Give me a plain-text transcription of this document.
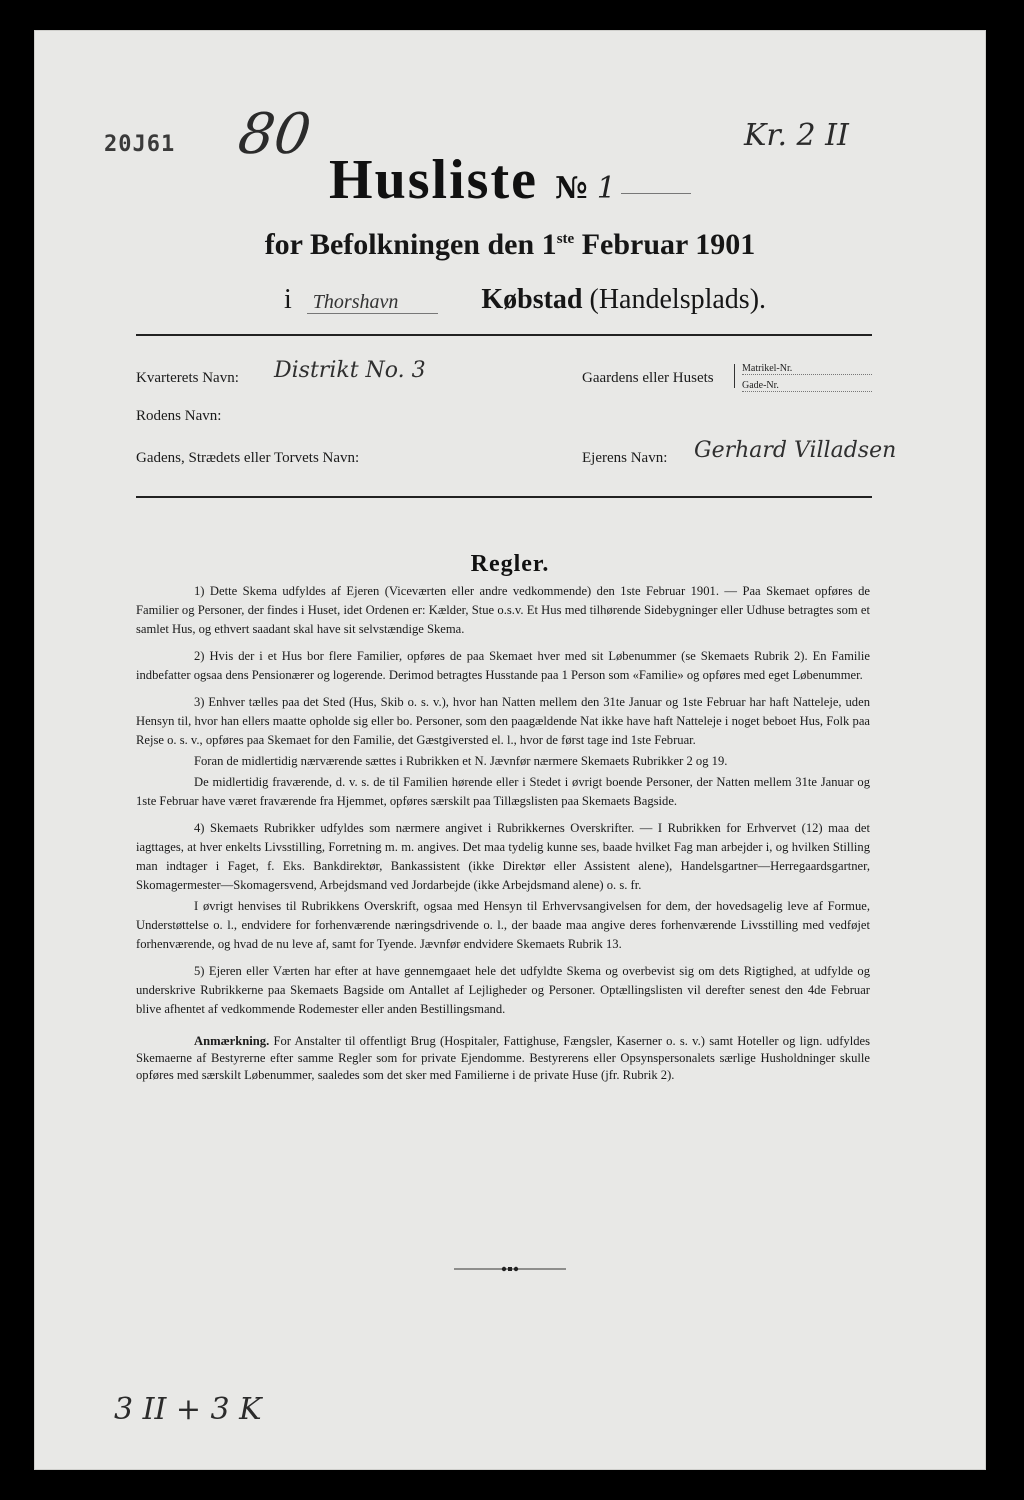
20J61 80	Kr. 2 II
Husliste № 1
for Befolkningen den 1ste Februar 1901
i Thorshavn	Købstad (Handelsplads).
Kvarterets Navn: Distrikt No. 3	Gaardens eller Husets
Matrikel-Nr.
Gade-Nr.
Rodens Navn:
Gadens, Strædets eller Torvets Navn:	Ejerens Navn: Gerhard Villadsen
Regler.

1) Dette Skema udfyldes af Ejeren (Viceværten eller andre vedkommende) den 1ste Februar 1901. — Paa Skemaet opføres de Familier og Personer, der findes i Huset, idet Ordenen er: Kælder, Stue o.s.v. Et Hus med tilhørende Sidebygninger eller Udhuse betragtes som et samlet Hus, og ethvert saadant skal have sit selvstændige Skema.

2) Hvis der i et Hus bor flere Familier, opføres de paa Skemaet hver med sit Løbenummer (se Skemaets Rubrik 2). En Familie indbefatter ogsaa dens Pensionærer og logerende. Derimod betragtes Husstande paa 1 Person som «Familie» og opføres med eget Løbenummer.

3) Enhver tælles paa det Sted (Hus, Skib o. s. v.), hvor han Natten mellem den 31te Januar og 1ste Februar har haft Natteleje, uden Hensyn til, hvor han ellers maatte opholde sig eller bo. Personer, som den paagældende Nat ikke have haft Natteleje i noget beboet Hus, Folk paa Rejse o. s. v., opføres paa Skemaet for den Familie, det Gæstgiversted el. l., hvor de først tage ind 1ste Februar.

Foran de midlertidig nærværende sættes i Rubrikken et N. Jævnfør nærmere Skemaets Rubrikker 2 og 19.

De midlertidig fraværende, d. v. s. de til Familien hørende eller i Stedet i øvrigt boende Personer, der Natten mellem 31te Januar og 1ste Februar have været fraværende fra Hjemmet, opføres særskilt paa Tillægslisten paa Skemaets Bagside.

4) Skemaets Rubrikker udfyldes som nærmere angivet i Rubrikkernes Overskrifter. — I Rubrikken for Erhvervet (12) maa det iagttages, at hver enkelts Livsstilling, Forretning m. m. angives. Det maa tydelig kunne ses, baade hvilket Fag man arbejder i, og hvilken Stilling man indtager i Faget, f. Eks. Bankdirektør, Bankassistent (ikke Direktør eller Assistent alene), Handelsgartner—Herregaardsgartner, Skomagermester—Skomagersvend, Arbejdsmand ved Jordarbejde (ikke Arbejdsmand alene) o. s. fr.

I øvrigt henvises til Rubrikkens Overskrift, ogsaa med Hensyn til Erhvervsangivelsen for dem, der hovedsagelig leve af Formue, Understøttelse o. l., endvidere for forhenværende næringsdrivende o. l., der baade maa angive deres forhenværende Livsstilling med vedføjet forhenværende, og hvad de nu leve af, samt for Tyende. Jævnfør endvidere Skemaets Rubrik 13.

5) Ejeren eller Værten har efter at have gennemgaaet hele det udfyldte Skema og overbevist sig om dets Rigtighed, at udfylde og underskrive Rubrikkerne paa Skemaets Bagside om Antallet af Lejligheder og Personer. Optællingslisten vil derefter senest den 4de Februar blive afhentet af vedkommende Rodemester eller anden Bestillingsmand.

Anmærkning. For Anstalter til offentligt Brug (Hospitaler, Fattighuse, Fængsler, Kaserner o. s. v.) samt Hoteller og lign. udfyldes Skemaerne af Bestyrerne efter samme Regler som for private Ejendomme. Bestyrerens eller Opsynspersonalets særlige Husholdninger skulle opføres med særskilt Løbenummer, saaledes som det sker med Familierne i de private Huse (jfr. Rubrik 2).

3 II + 3 K
